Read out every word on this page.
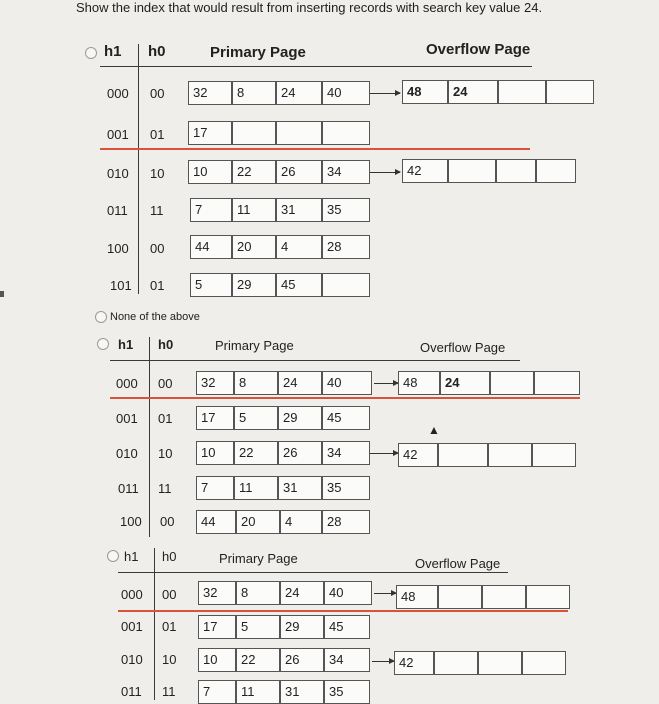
Show the index that would result from inserting records with search key value 24.
h1 h0	Primary Page	Overflow Page
000 00	32	8	24	40	48	24
001 01	17
010 10	10	22	26	34	42
011 11	7	11	31	35
100 00	44	20	4	28
101 01	5	29	45
None of the above
h1 h0	Primary Page	Overflow Page
000 00	32	8	24	40	48	24
001 01	17	5	29	45
010 10	10	22	26	34	42
011 11	7	11	31	35
100 00	44	20	4	28
▲
h1 h0	Primary Page	Overflow Page
000 00	32	8	24	40	48
001 01	17	5	29	45
010 10	10	22	26	34	42
011 11	7	11	31	35
